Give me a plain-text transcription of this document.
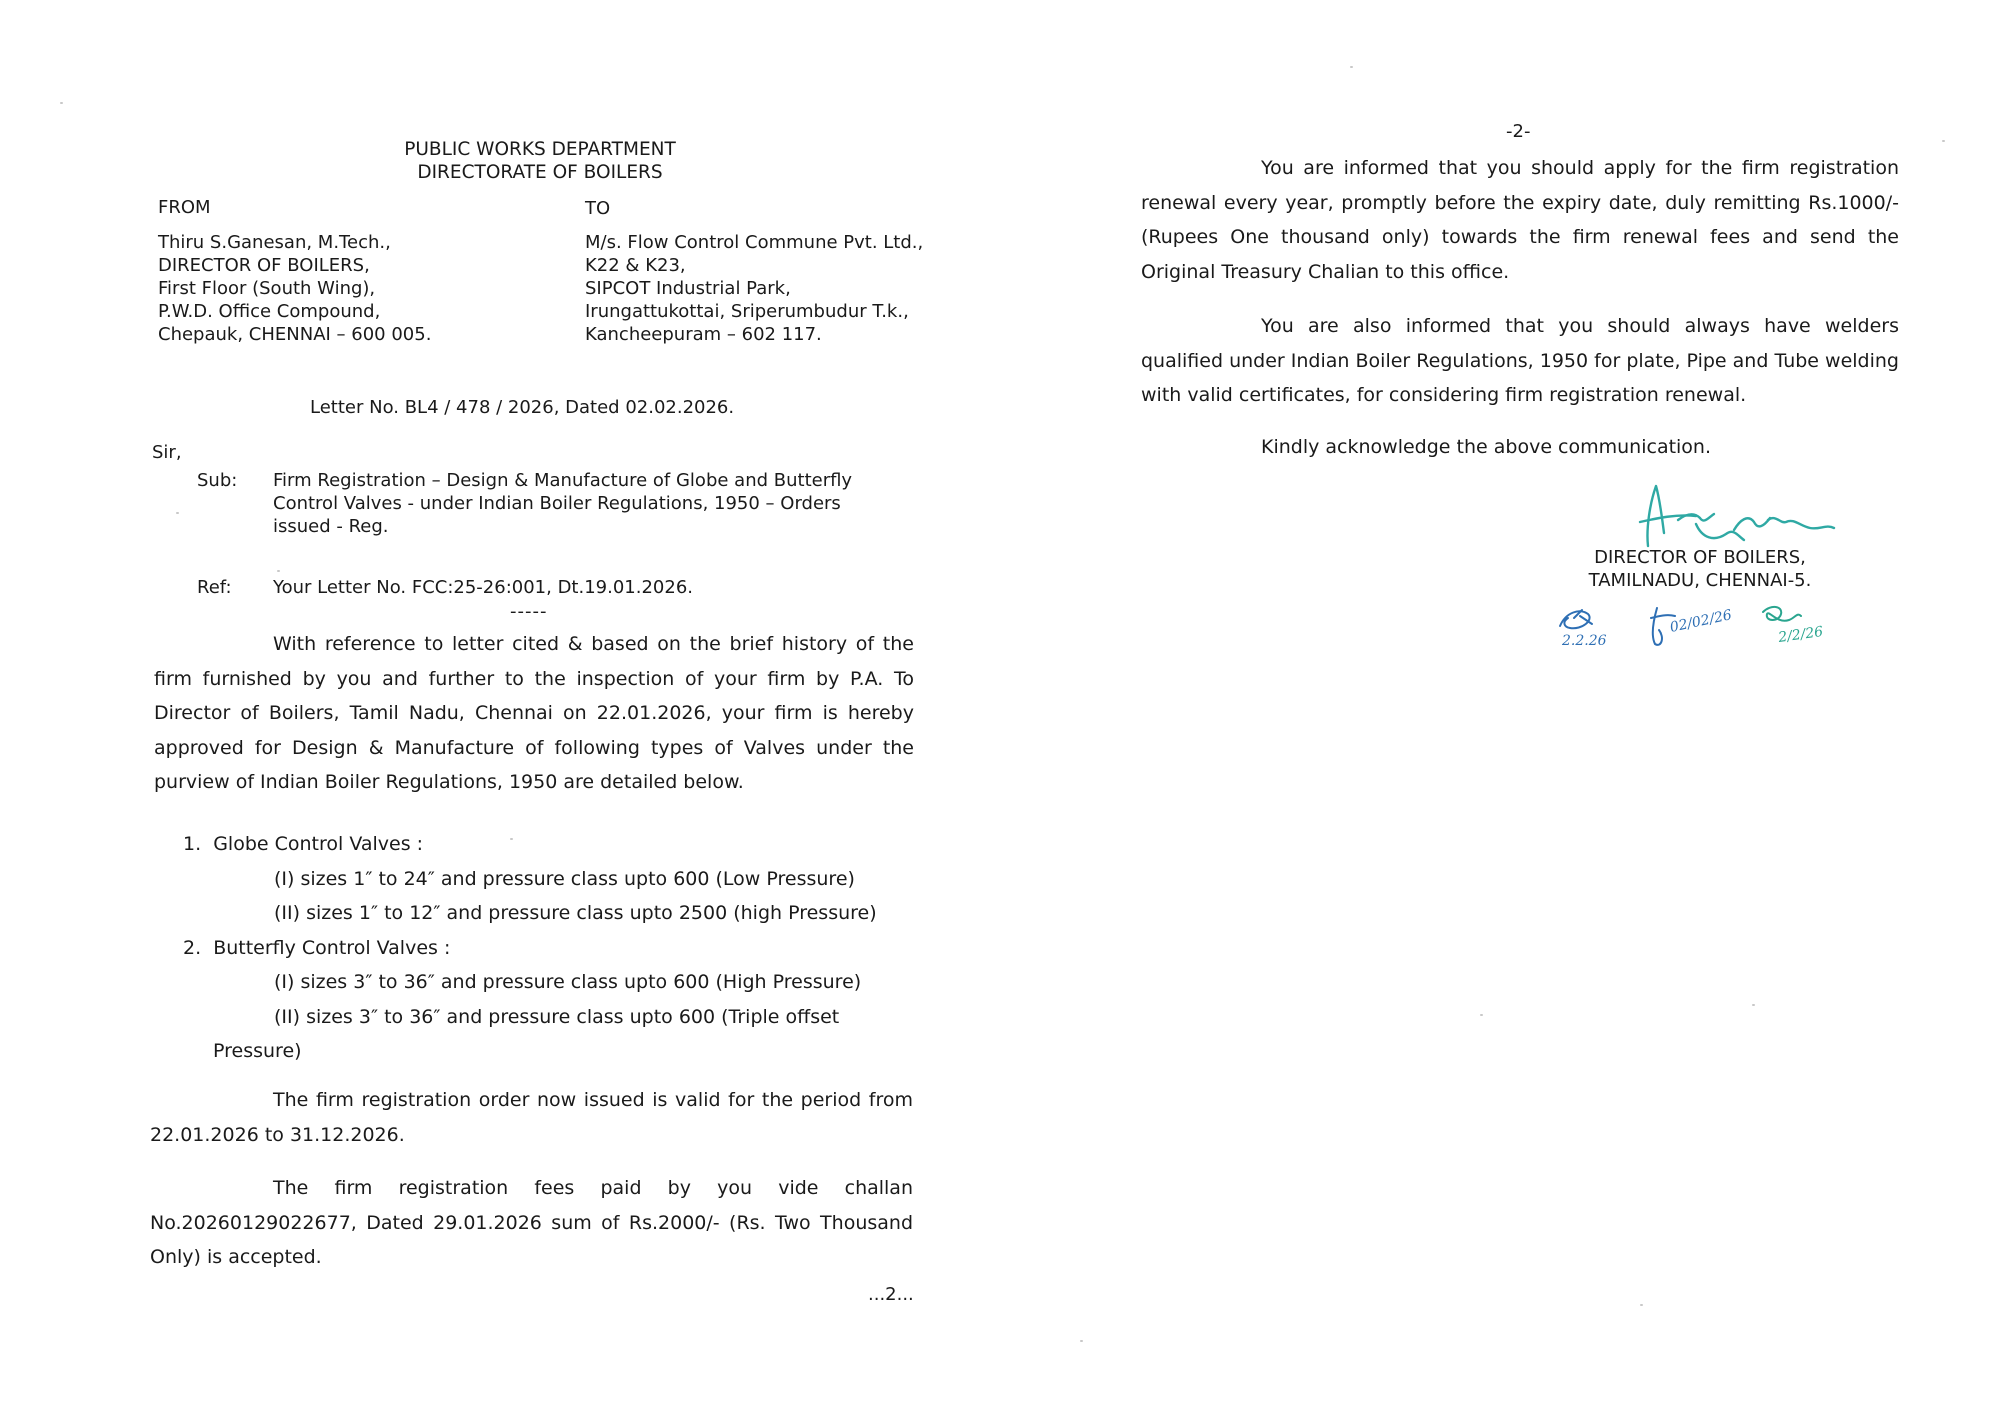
PUBLIC WORKS DEPARTMENT
DIRECTORATE OF BOILERS
FROM
Thiru S.Ganesan, M.Tech.,
DIRECTOR OF BOILERS,
First Floor (South Wing),
P.W.D. Office Compound,
Chepauk, CHENNAI – 600 005.
TO
M/s. Flow Control Commune Pvt. Ltd.,
K22 & K23,
SIPCOT Industrial Park,
Irungattukottai, Sriperumbudur T.k.,
Kancheepuram – 602 117.
Letter No. BL4 / 478 / 2026, Dated 02.02.2026.
Sir,
Sub: Firm Registration – Design & Manufacture of Globe and Butterfly
Control Valves - under Indian Boiler Regulations, 1950 – Orders
issued - Reg.
Ref: Your Letter No. FCC:25-26:001, Dt.19.01.2026.
-----
With reference to letter cited & based on the brief history of the firm furnished by you and further to the inspection of your firm by P.A. To Director of Boilers, Tamil Nadu, Chennai on 22.01.2026, your firm is hereby approved for Design & Manufacture of following types of Valves under the purview of Indian Boiler Regulations, 1950 are detailed below.
1. Globe Control Valves :
(I) sizes 1″ to 24″ and pressure class upto 600 (Low Pressure)
(II) sizes 1″ to 12″ and pressure class upto 2500 (high Pressure)
2. Butterfly Control Valves :
(I) sizes 3″ to 36″ and pressure class upto 600 (High Pressure)
(II) sizes 3″ to 36″ and pressure class upto 600 (Triple offset
Pressure)
The firm registration order now issued is valid for the period from 22.01.2026 to 31.12.2026.
The firm registration fees paid by you vide challan No.20260129022677, Dated 29.01.2026 sum of Rs.2000/- (Rs. Two Thousand Only) is accepted.
...2...
-2-
You are informed that you should apply for the firm registration renewal every year, promptly before the expiry date, duly remitting Rs.1000/- (Rupees One thousand only) towards the firm renewal fees and send the Original Treasury Chalian to this office.
You are also informed that you should always have welders qualified under Indian Boiler Regulations, 1950 for plate, Pipe and Tube welding with valid certificates, for considering firm registration renewal.
Kindly acknowledge the above communication.
DIRECTOR OF BOILERS,
TAMILNADU, CHENNAI-5.
2.2.26
02/02/26	2/2/26
